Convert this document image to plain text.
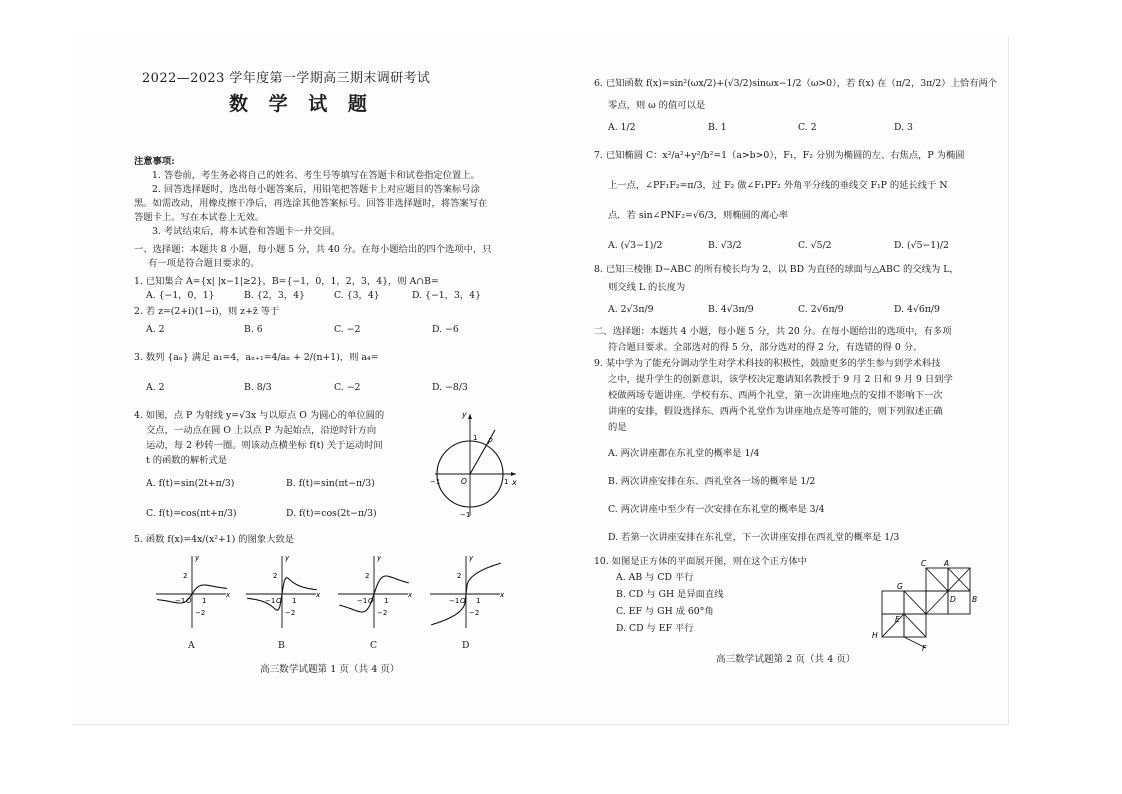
2022—2023 学年度第一学期高三期末调研考试
数 学 试 题
注意事项:
1. 答卷前，考生务必将自己的姓名、考生号等填写在答题卡和试卷指定位置上。
2. 回答选择题时，选出每小题答案后，用铅笔把答题卡上对应题目的答案标号涂
黑。如需改动，用橡皮擦干净后，再选涂其他答案标号。回答非选择题时，将答案写在
答题卡上。写在本试卷上无效。
3. 考试结束后，将本试卷和答题卡一并交回。
一、选择题：本题共 8 小题，每小题 5 分，共 40 分。在每小题给出的四个选项中，只
有一项是符合题目要求的。
1. 已知集合 A={x| |x−1|≥2}，B={−1，0，1，2，3，4}，则 A∩B=
A. {−1，0，1}	B. {2，3，4}	C. {3，4}	D. {−1，3，4}
2. 若 z=(2+i)(1−i)，则 z+z̄ 等于
A. 2	B. 6	C. −2	D. −6
3. 数列 {aₙ} 满足 a₁=4，aₙ₊₁=4/aₙ + 2/(n+1)，则 a₄=
A. 2	B. 8/3	C. −2	D. −8/3
4. 如图，点 P 为射线 y=√3x 与以原点 O 为圆心的单位圆的
交点，一动点在圆 O 上以点 P 为起始点，沿逆时针方向
运动，每 2 秒转一圈。则该动点横坐标 f(t) 关于运动时间
t 的函数的解析式是
A. f(t)=sin(2t+π/3)	B. f(t)=sin(πt−π/3)
C. f(t)=cos(πt+π/3)	D. f(t)=cos(2t−π/3)
y
x
O
P
1
−1
1
−1
5. 函数 f(x)=4x/(x²+1) 的图象大致是
2
−2
−1 O 1
x
y
A
2
−2
−1 O 1
x
y
B
2
−2
−1 O 1
x
y
C
2
−2
−1 O 1
x
y
D
高三数学试题第 1 页（共 4 页）
6. 已知函数 f(x)=sin²(ωx/2)+(√3/2)sinωx−1/2（ω>0），若 f(x) 在（π/2，3π/2）上恰有两个
零点，则 ω 的值可以是
A. 1/2	B. 1	C. 2	D. 3
7. 已知椭圆 C：x²/a²+y²/b²=1（a>b>0），F₁，F₂ 分别为椭圆的左、右焦点，P 为椭圆
上一点，∠PF₁F₂=π/3，过 F₂ 做∠F₁PF₂ 外角平分线的垂线交 F₁P 的延长线于 N
点．若 sin∠PNF₂=√6/3，则椭圆的离心率
A. (√3−1)/2	B. √3/2	C. √5/2	D. (√5−1)/2
8. 已知三棱锥 D−ABC 的所有棱长均为 2，以 BD 为直径的球面与△ABC 的交线为 L，
则交线 L 的长度为
A. 2√3π/9	B. 4√3π/9	C. 2√6π/9	D. 4√6π/9
二、选择题：本题共 4 小题，每小题 5 分，共 20 分。在每小题给出的选项中，有多项
符合题目要求。全部选对的得 5 分，部分选对的得 2 分，有选错的得 0 分。
9. 某中学为了能充分调动学生对学术科技的积极性，鼓励更多的学生参与到学术科技
之中，提升学生的创新意识，该学校决定邀请知名教授于 9 月 2 日和 9 月 9 日到学
校做两场专题讲座．学校有东、西两个礼堂，第一次讲座地点的安排不影响下一次
讲座的安排，假设选择东、西两个礼堂作为讲座地点是等可能的，则下列叙述正确
的是
A. 两次讲座都在东礼堂的概率是 1/4
B. 两次讲座安排在东、西礼堂各一场的概率是 1/2
C. 两次讲座中至少有一次安排在东礼堂的概率是 3/4
D. 若第一次讲座安排在东礼堂，下一次讲座安排在西礼堂的概率是 1/3
10. 如图是正方体的平面展开图，则在这个正方体中
A. AB 与 CD 平行
B. CD 与 GH 是异面直线
C. EF 与 GH 成 60°角
D. CD 与 EF 平行
C A
G
D B
H
E
F
高三数学试题第 2 页（共 4 页）
